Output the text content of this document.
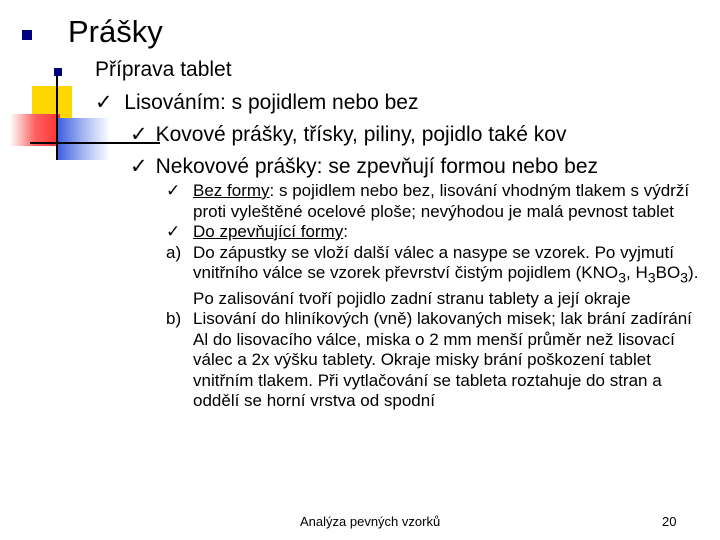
Prášky
Příprava tablet
✓ Lisováním: s pojidlem nebo bez
✓ Kovové prášky, třísky, piliny, pojidlo také kov
✓ Nekovové prášky: se zpevňují formou nebo bez
✓ Bez formy: s pojidlem nebo bez, lisování vhodným tlakem s výdrží proti vyleštěné ocelové ploše; nevýhodou je malá pevnost tablet
✓ Do zpevňující formy:
a) Do zápustky se vloží další válec a nasype se vzorek. Po vyjmutí vnitřního válce se vzorek převrství čistým pojidlem ($KNO_3$, $H_3BO_3$). Po zalisování tvoří pojidlo zadní stranu tablety a její okraje
b) Lisování do hliníkových (vně) lakovaných misek; lak brání zadírání Al do lisovacího válce, miska o 2 mm menší průměr než lisovací válec a 2x výšku tablety. Okraje misky brání poškození tablet vnitřním tlakem. Při vytlačování se tableta roztahuje do stran a oddělí se horní vrstva od spodní
Analýza pevných vzorků	20
